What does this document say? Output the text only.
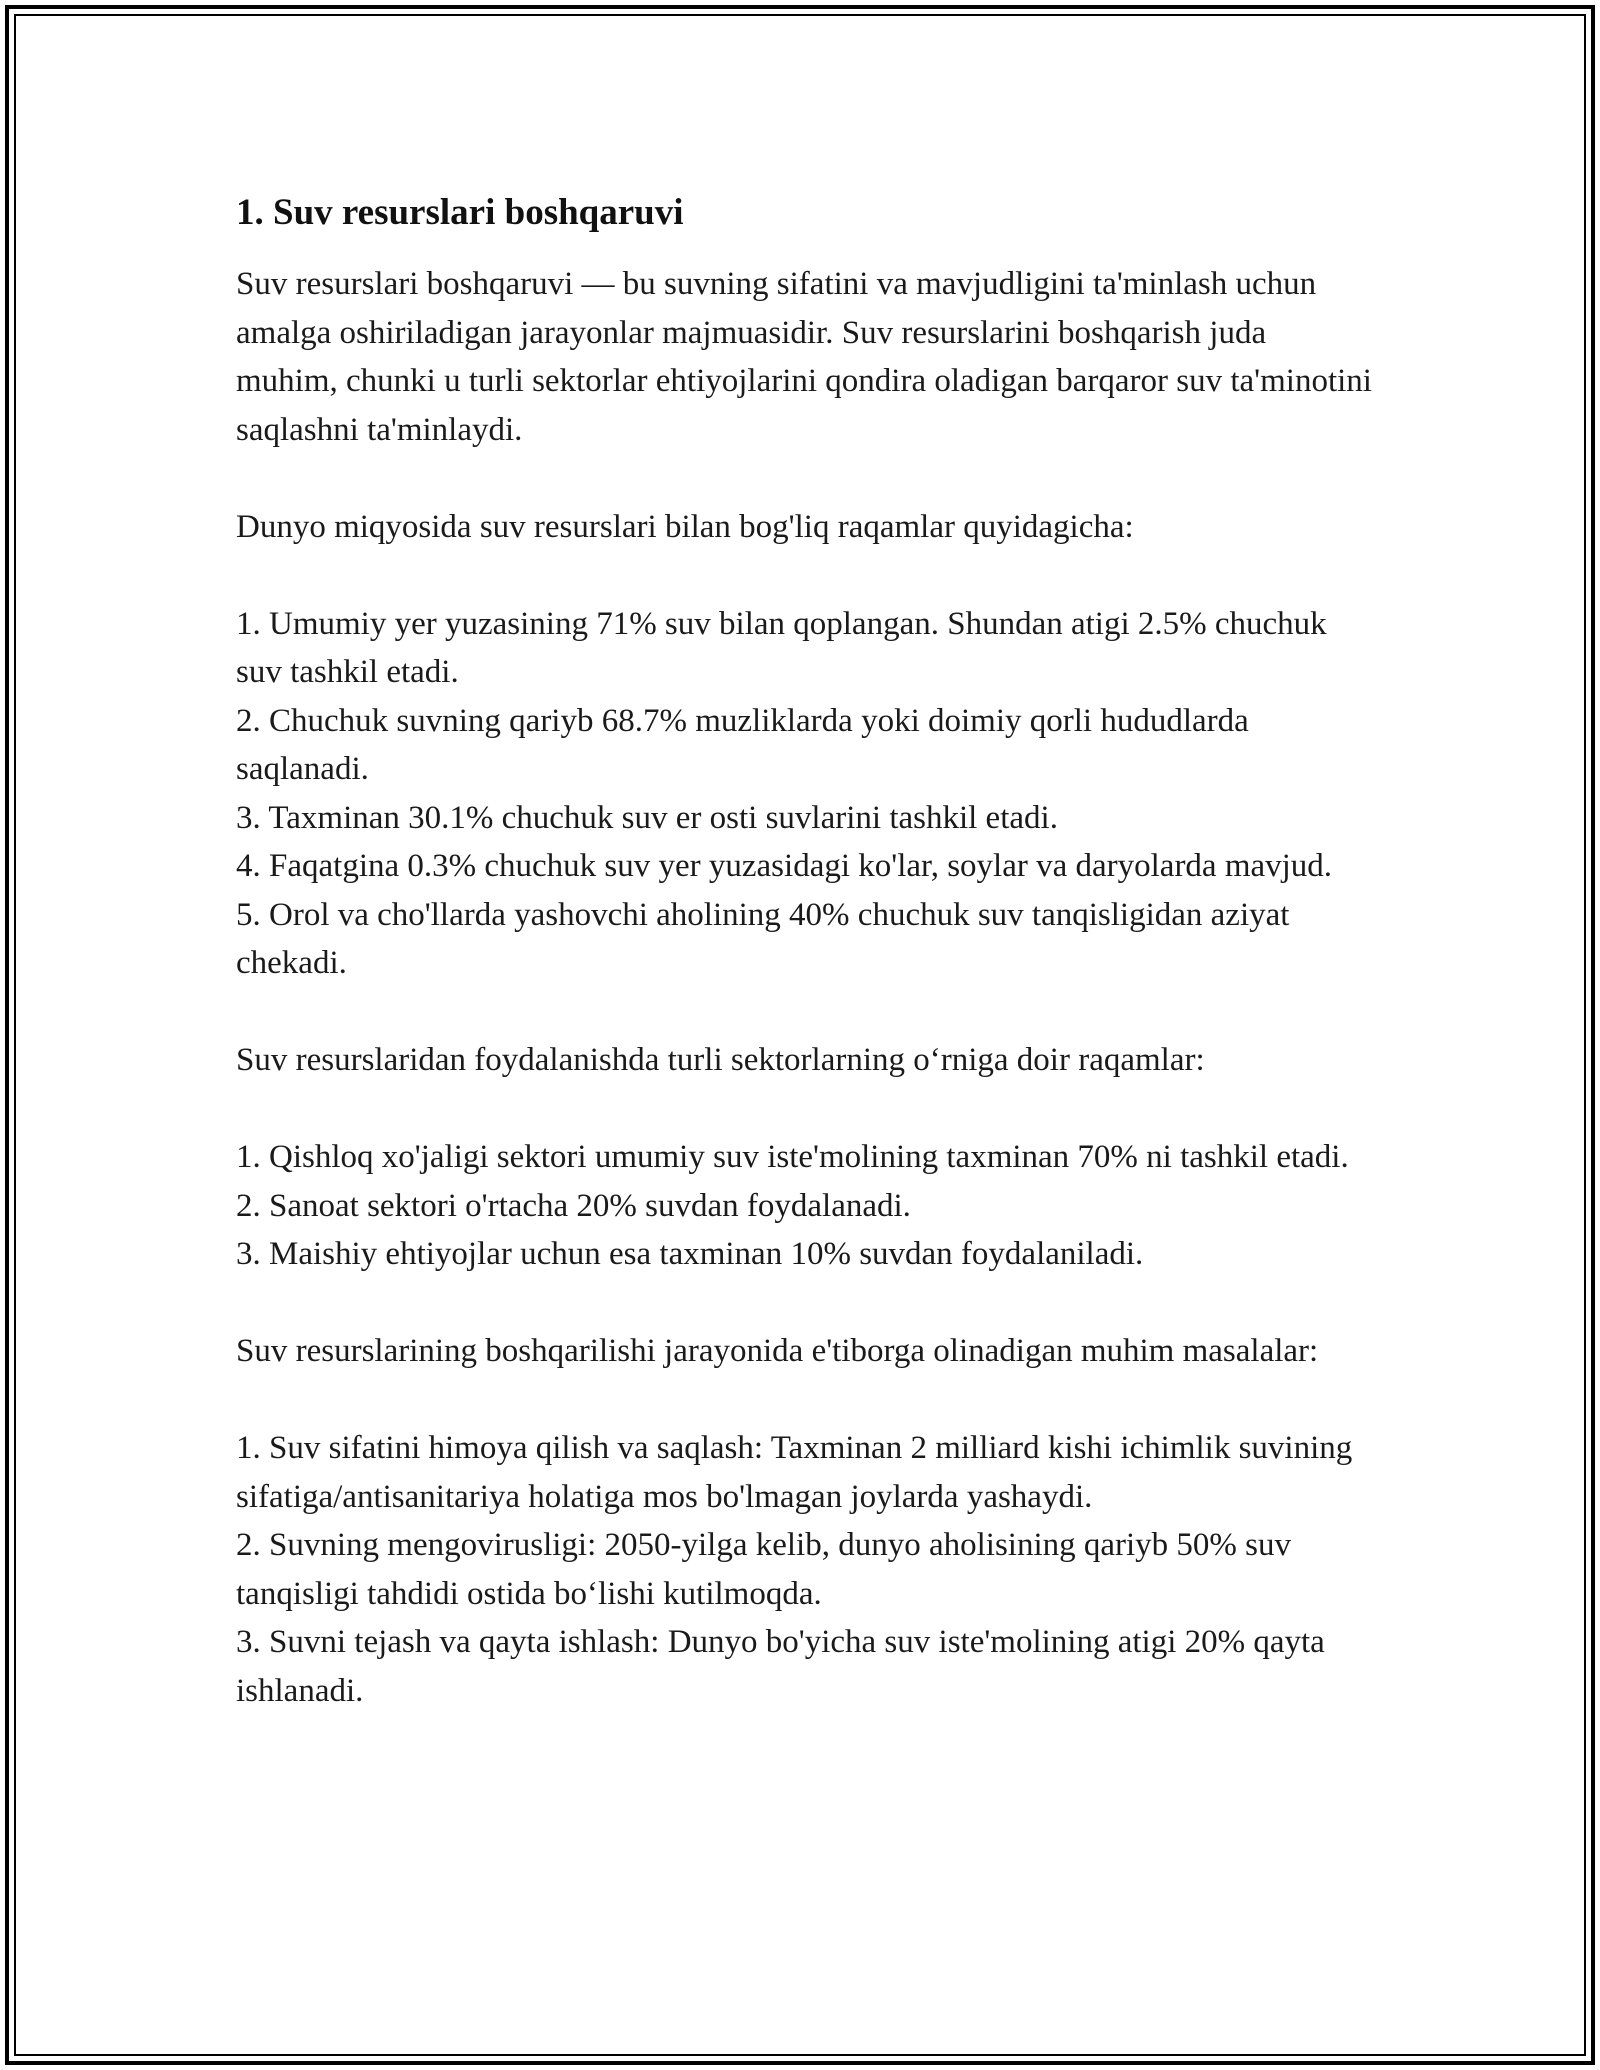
1. Suv resurslari boshqaruvi

Suv resurslari boshqaruvi — bu suvning sifatini va mavjudligini ta'minlash uchun amalga oshiriladigan jarayonlar majmuasidir. Suv resurslarini boshqarish juda muhim, chunki u turli sektorlar ehtiyojlarini qondira oladigan barqaror suv ta'minotini saqlashni ta'minlaydi.

Dunyo miqyosida suv resurslari bilan bog'liq raqamlar quyidagicha:

1. Umumiy yer yuzasining 71% suv bilan qoplangan. Shundan atigi 2.5% chuchuk suv tashkil etadi.

2. Chuchuk suvning qariyb 68.7% muzliklarda yoki doimiy qorli hududlarda saqlanadi.

3. Taxminan 30.1% chuchuk suv er osti suvlarini tashkil etadi.

4. Faqatgina 0.3% chuchuk suv yer yuzasidagi ko'lar, soylar va daryolarda mavjud.

5. Orol va cho'llarda yashovchi aholining 40% chuchuk suv tanqisligidan aziyat chekadi.

Suv resurslaridan foydalanishda turli sektorlarning o‘rniga doir raqamlar:

1. Qishloq xo'jaligi sektori umumiy suv iste'molining taxminan 70% ni tashkil etadi.

2. Sanoat sektori o'rtacha 20% suvdan foydalanadi.

3. Maishiy ehtiyojlar uchun esa taxminan 10% suvdan foydalaniladi.

Suv resurslarining boshqarilishi jarayonida e'tiborga olinadigan muhim masalalar:

1. Suv sifatini himoya qilish va saqlash: Taxminan 2 milliard kishi ichimlik suvining sifatiga/antisanitariya holatiga mos bo'lmagan joylarda yashaydi.

2. Suvning mengovirusligi: 2050-yilga kelib, dunyo aholisining qariyb 50% suv tanqisligi tahdidi ostida bo‘lishi kutilmoqda.

3. Suvni tejash va qayta ishlash: Dunyo bo'yicha suv iste'molining atigi 20% qayta ishlanadi.
